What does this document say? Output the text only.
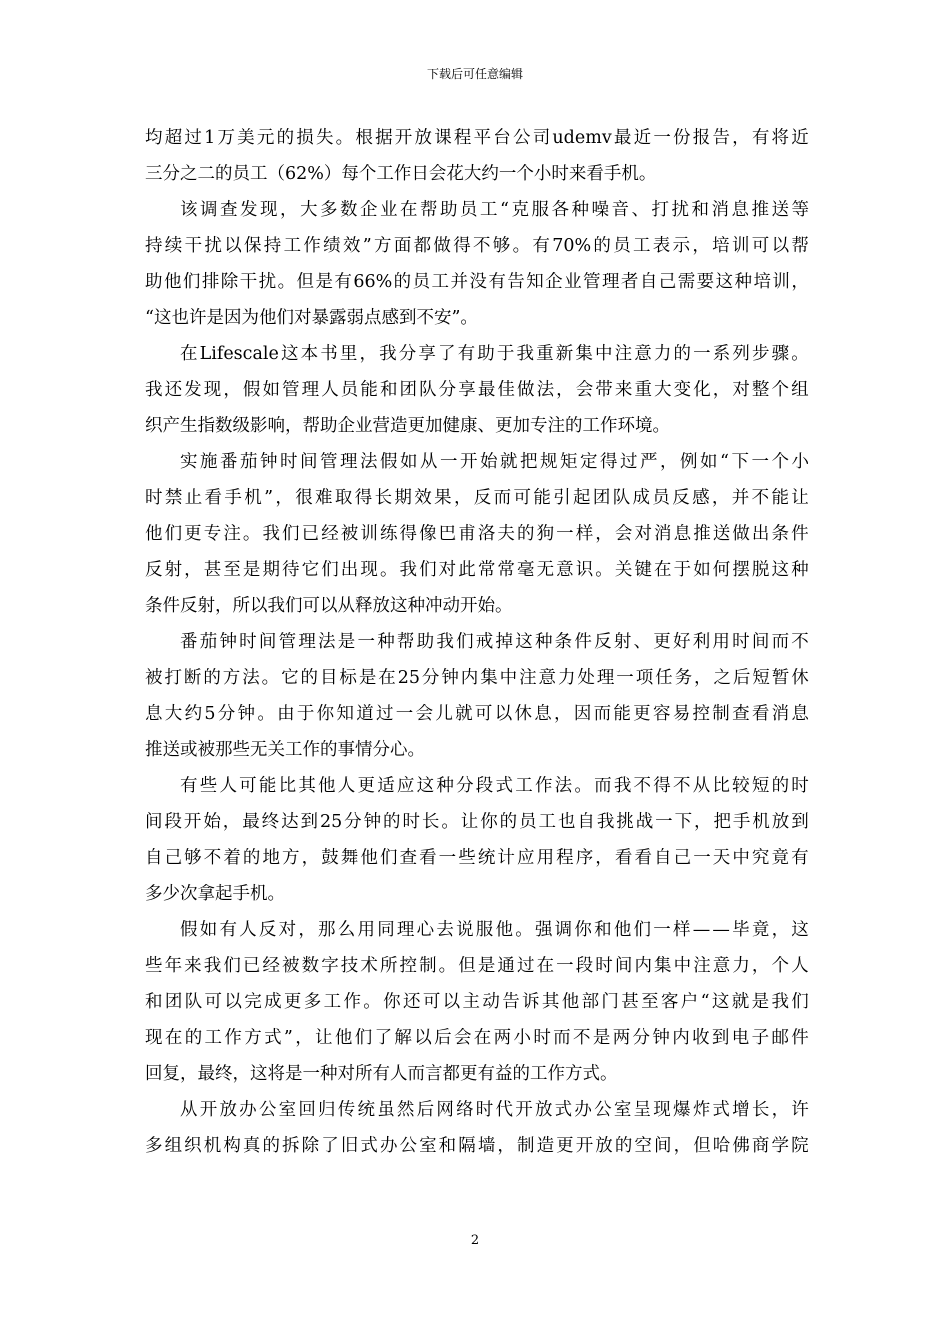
下载后可任意编辑
均 超 过 1 万 美 元 的 损 失 。 根 据 开 放 课 程 平 台 公 司 udemv 最 近 一 份 报 告 ， 有 将 近
三分之二的员工（62%）每个工作日会花大约一个小时来看手机。
该 调 查 发 现 ， 大 多 数 企 业 在 帮 助 员 工 “ 克 服 各 种 噪 音 、 打 扰 和 消 息 推 送 等
持 续 干 扰 以 保 持 工 作 绩 效 ” 方 面 都 做 得 不 够 。 有 70% 的 员 工 表 示 ， 培 训 可 以 帮
助 他 们 排 除 干 扰 。 但 是 有 66% 的 员 工 并 没 有 告 知 企 业 管 理 者 自 己 需 要 这 种 培 训 ，
“这也许是因为他们对暴露弱点感到不安”。
在 Lifescale 这 本 书 里 ， 我 分 享 了 有 助 于 我 重 新 集 中 注 意 力 的 一 系 列 步 骤 。
我 还 发 现 ， 假 如 管 理 人 员 能 和 团 队 分 享 最 佳 做 法 ， 会 带 来 重 大 变 化 ， 对 整 个 组
织产生指数级影响，帮助企业营造更加健康、更加专注的工作环境。
实 施 番 茄 钟 时 间 管 理 法 假 如 从 一 开 始 就 把 规 矩 定 得 过 严 ， 例 如 “ 下 一 个 小
时 禁 止 看 手 机 ” ， 很 难 取 得 长 期 效 果 ， 反 而 可 能 引 起 团 队 成 员 反 感 ， 并 不 能 让
他 们 更 专 注 。 我 们 已 经 被 训 练 得 像 巴 甫 洛 夫 的 狗 一 样 ， 会 对 消 息 推 送 做 出 条 件
反 射 ， 甚 至 是 期 待 它 们 出 现 。 我 们 对 此 常 常 毫 无 意 识 。 关 键 在 于 如 何 摆 脱 这 种
条件反射，所以我们可以从释放这种冲动开始。
番 茄 钟 时 间 管 理 法 是 一 种 帮 助 我 们 戒 掉 这 种 条 件 反 射 、 更 好 利 用 时 间 而 不
被 打 断 的 方 法 。 它 的 目 标 是 在 25 分 钟 内 集 中 注 意 力 处 理 一 项 任 务 ， 之 后 短 暂 休
息 大 约 5 分 钟 。 由 于 你 知 道 过 一 会 儿 就 可 以 休 息 ， 因 而 能 更 容 易 控 制 查 看 消 息
推送或被那些无关工作的事情分心。
有 些 人 可 能 比 其 他 人 更 适 应 这 种 分 段 式 工 作 法 。 而 我 不 得 不 从 比 较 短 的 时
间 段 开 始 ， 最 终 达 到 25 分 钟 的 时 长 。 让 你 的 员 工 也 自 我 挑 战 一 下 ， 把 手 机 放 到
自 己 够 不 着 的 地 方 ， 鼓 舞 他 们 查 看 一 些 统 计 应 用 程 序 ， 看 看 自 己 一 天 中 究 竟 有
多少次拿起手机。
假 如 有 人 反 对 ， 那 么 用 同 理 心 去 说 服 他 。 强 调 你 和 他 们 一 样 — — 毕 竟 ， 这
些 年 来 我 们 已 经 被 数 字 技 术 所 控 制 。 但 是 通 过 在 一 段 时 间 内 集 中 注 意 力 ， 个 人
和 团 队 可 以 完 成 更 多 工 作 。 你 还 可 以 主 动 告 诉 其 他 部 门 甚 至 客 户 “ 这 就 是 我 们
现 在 的 工 作 方 式 ” ， 让 他 们 了 解 以 后 会 在 两 小 时 而 不 是 两 分 钟 内 收 到 电 子 邮 件
回复，最终，这将是一种对所有人而言都更有益的工作方式。
从 开 放 办 公 室 回 归 传 统 虽 然 后 网 络 时 代 开 放 式 办 公 室 呈 现 爆 炸 式 增 长 ， 许
多 组 织 机 构 真 的 拆 除 了 旧 式 办 公 室 和 隔 墙 ， 制 造 更 开 放 的 空 间 ， 但 哈 佛 商 学 院
2
